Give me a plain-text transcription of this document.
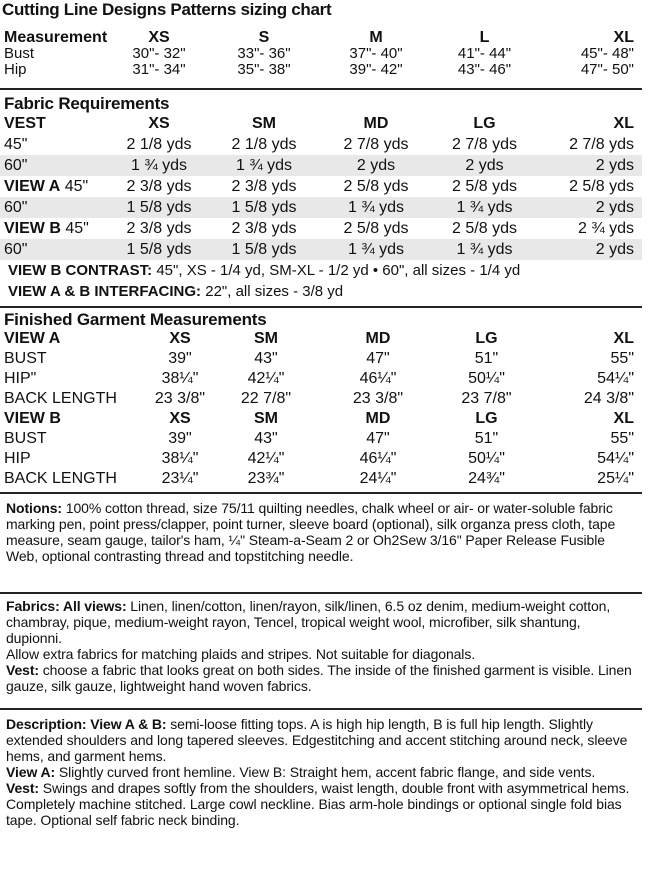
Cutting Line Designs Patterns sizing chart
Measurement	XS	S	M	L	XL
Bust	30"- 32"	33"- 36"	37"- 40"	41"- 44"	45"- 48"
Hip	31"- 34"	35"- 38"	39"- 42"	43"- 46"	47"- 50"
Fabric Requirements
VEST	XS	SM	MD	LG	XL
45"	2 1/8 yds	2 1/8 yds	2 7/8 yds	2 7/8 yds	2 7/8 yds
60"	1 ¾ yds	1 ¾ yds	2 yds	2 yds	2 yds
VIEW A 45"	2 3/8 yds	2 3/8 yds	2 5/8 yds	2 5/8 yds	2 5/8 yds
60"	1 5/8 yds	1 5/8 yds	1 ¾ yds	1 ¾ yds	2 yds
VIEW B 45"	2 3/8 yds	2 3/8 yds	2 5/8 yds	2 5/8 yds	2 ¾ yds
60"	1 5/8 yds	1 5/8 yds	1 ¾ yds	1 ¾ yds	2 yds
VIEW B CONTRAST: 45", XS - 1/4 yd, SM-XL - 1/2 yd • 60", all sizes - 1/4 yd
VIEW A & B INTERFACING: 22", all sizes - 3/8 yd
Finished Garment Measurements
VIEW A	XS	SM	MD	LG	XL
BUST	39"	43"	47"	51"	55"
HIP"	38¼"	42¼"	46¼"	50¼"	54¼"
BACK LENGTH	23 3/8"	22 7/8"	23 3/8"	23 7/8"	24 3/8"
VIEW B	XS	SM	MD	LG	XL
BUST	39"	43"	47"	51"	55"
HIP	38¼"	42¼"	46¼"	50¼"	54¼"
BACK LENGTH	23¼"	23¾"	24¼"	24¾"	25¼"

Notions: 100% cotton thread, size 75/11 quilting needles, chalk wheel or air- or water-soluble fabric marking pen, point press/clapper, point turner, sleeve board (optional), silk organza press cloth, tape measure, seam gauge, tailor's ham, ¼" Steam-a-Seam 2 or Oh2Sew 3/16" Paper Release Fusible Web, optional contrasting thread and topstitching needle.

Fabrics: All views: Linen, linen/cotton, linen/rayon, silk/linen, 6.5 oz denim, medium-weight cotton, chambray, pique, medium-weight rayon, Tencel, tropical weight wool, microfiber, silk shantung, dupionni.

Allow extra fabrics for matching plaids and stripes. Not suitable for diagonals.

Vest: choose a fabric that looks great on both sides. The inside of the finished garment is visible. Linen gauze, silk gauze, lightweight hand woven fabrics.

Description: View A & B: semi-loose fitting tops. A is high hip length, B is full hip length. Slightly extended shoulders and long tapered sleeves. Edgestitching and accent stitching around neck, sleeve hems, and garment hems.

View A: Slightly curved front hemline. View B: Straight hem, accent fabric flange, and side vents.

Vest: Swings and drapes softly from the shoulders, waist length, double front with asymmetrical hems. Completely machine stitched. Large cowl neckline. Bias arm-hole bindings or optional single fold bias tape. Optional self fabric neck binding.
